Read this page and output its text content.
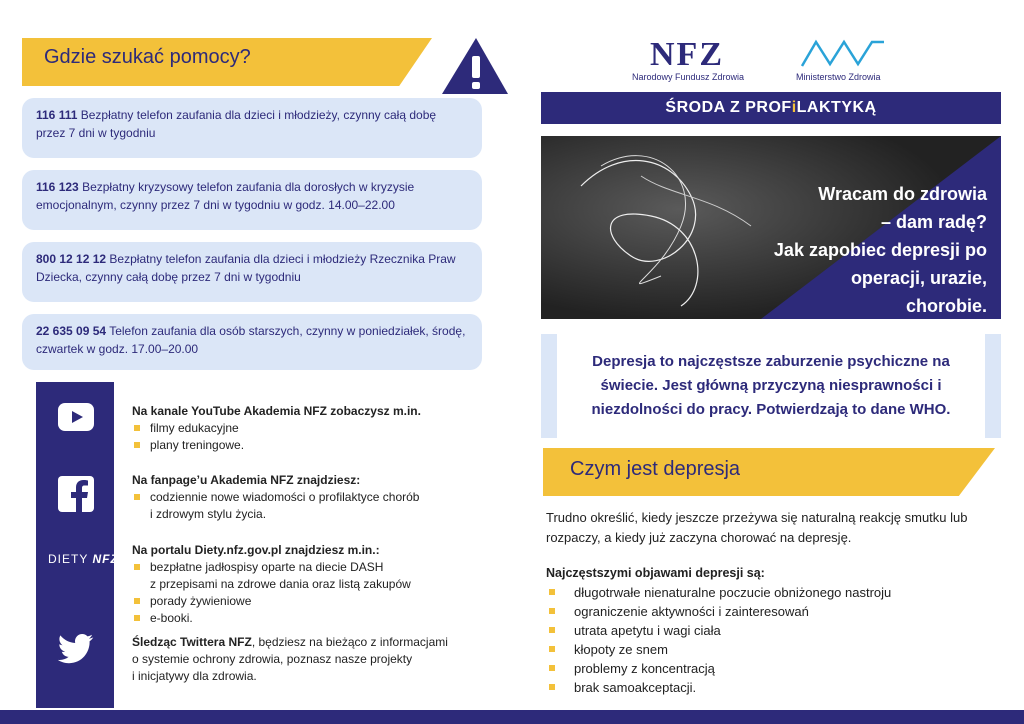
Gdzie szukać pomocy?
116 111 Bezpłatny telefon zaufania dla dzieci i młodzieży, czynny całą dobę przez 7 dni w tygodniu
116 123 Bezpłatny kryzysowy telefon zaufania dla dorosłych w kryzysie emocjonalnym, czynny przez 7 dni w tygodniu w godz. 14.00–22.00
800 12 12 12 Bezpłatny telefon zaufania dla dzieci i młodzieży Rzecznika Praw Dziecka, czynny całą dobę przez 7 dni w tygodniu
22 635 09 54 Telefon zaufania dla osób starszych, czynny w poniedziałek, środę, czwartek w godz. 17.00–20.00
DIETY NFZ
Na kanale YouTube Akademia NFZ zobaczysz m.in.
filmy edukacyjne
plany treningowe.
Na fanpage’u Akademia NFZ znajdziesz:
codziennie nowe wiadomości o profilaktyce chorób
i zdrowym stylu życia.
Na portalu Diety.nfz.gov.pl znajdziesz m.in.:
bezpłatne jadłospisy oparte na diecie DASH
z przepisami na zdrowe dania oraz listą zakupów
porady żywieniowe
e-booki.
Śledząc Twittera NFZ, będziesz na bieżąco z informacjami
o systemie ochrony zdrowia, poznasz nasze projekty
i inicjatywy dla zdrowia.
NFZ
Narodowy Fundusz Zdrowia	Ministerstwo Zdrowia
ŚRODA Z PROFiLAKTYKĄ
Wracam do zdrowia
– dam radę?
Jak zapobiec depresji po
operacji, urazie,
chorobie.
Depresja to najczęstsze zaburzenie psychiczne na świecie. Jest główną przyczyną niesprawności i niezdolności do pracy. Potwierdzają to dane WHO.
Czym jest depresja
Trudno określić, kiedy jeszcze przeżywa się naturalną reakcję smutku lub rozpaczy, a kiedy już zaczyna chorować na depresję.
Najczęstszymi objawami depresji są:
długotrwałe nienaturalne poczucie obniżonego nastroju
ograniczenie aktywności i zainteresowań
utrata apetytu i wagi ciała
kłopoty ze snem
problemy z koncentracją
brak samoakceptacji.
